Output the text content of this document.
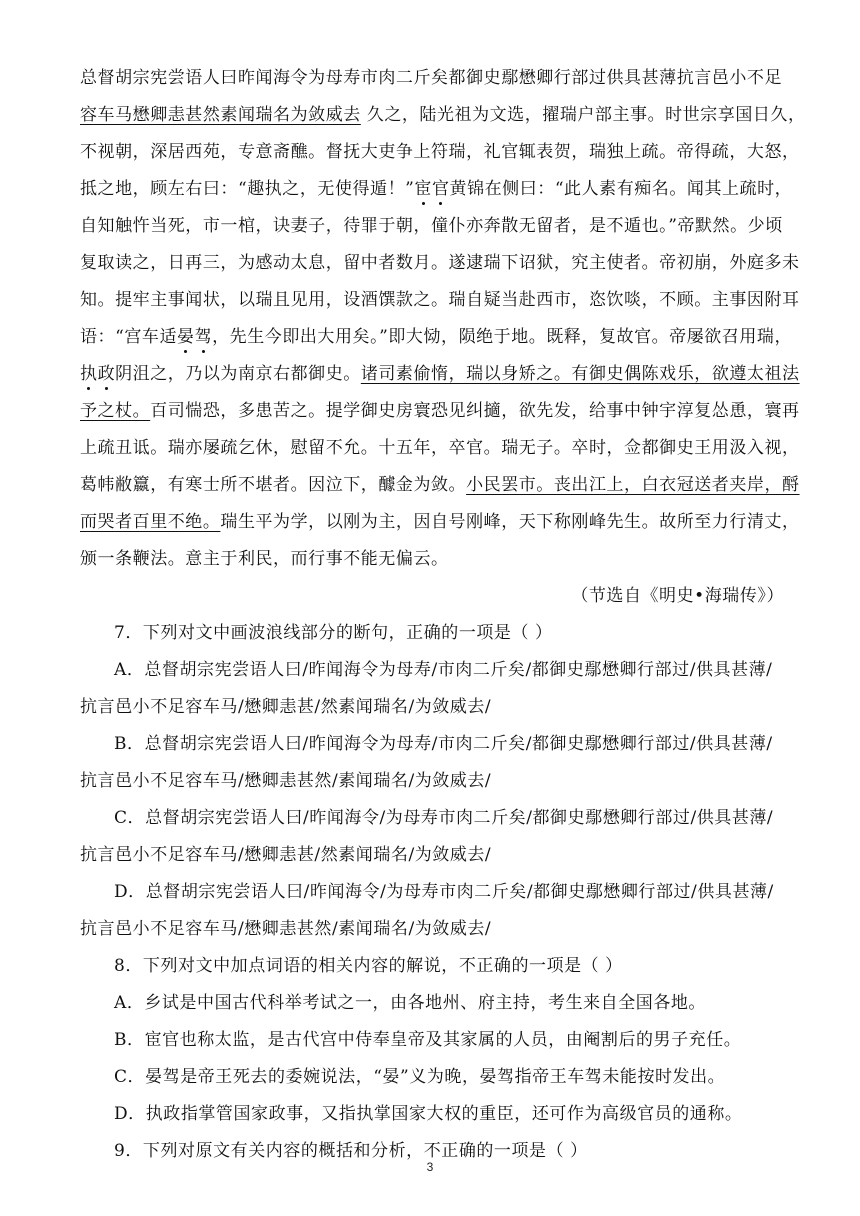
总督胡宗宪尝语人曰昨闻海令为母寿市肉二斤矣都御史鄢懋卿行部过供具甚薄抗言邑小不足
容车马懋卿恚甚然素闻瑞名为敛威去 久之，陆光祖为文选，擢瑞户部主事。时世宗享国日久，
不视朝，深居西苑，专意斋醮。督抚大吏争上符瑞，礼官辄表贺，瑞独上疏。帝得疏，大怒，
抵之地，顾左右曰：“趣执之，无使得遁！”宦官黄锦在侧曰：“此人素有痴名。闻其上疏时，
自知触忤当死，市一棺，诀妻子，待罪于朝，僮仆亦奔散无留者，是不遁也。”帝默然。少顷
复取读之，日再三，为感动太息，留中者数月。遂逮瑞下诏狱，究主使者。帝初崩，外庭多未
知。提牢主事闻状，以瑞且见用，设酒馔款之。瑞自疑当赴西市，恣饮啖，不顾。主事因附耳
语：“宫车适晏驾，先生今即出大用矣。”即大恸，陨绝于地。既释，复故官。帝屡欲召用瑞，
执政阴沮之，乃以为南京右都御史。诸司素偷惰，瑞以身矫之。有御史偶陈戏乐，欲遵太祖法
予之杖。百司惴恐，多患苦之。提学御史房寰恐见纠擿，欲先发，给事中钟宇淳复怂恿，寰再
上疏丑诋。瑞亦屡疏乞休，慰留不允。十五年，卒官。瑞无子。卒时，佥都御史王用汲入视，
葛帏敝籝，有寒士所不堪者。因泣下，醵金为敛。小民罢市。丧出江上，白衣冠送者夹岸，酹
而哭者百里不绝。瑞生平为学，以刚为主，因自号刚峰，天下称刚峰先生。故所至力行清丈，
颁一条鞭法。意主于利民，而行事不能无偏云。
（节选自《明史•海瑞传》）
7．下列对文中画波浪线部分的断句，正确的一项是（ ）
A．总督胡宗宪尝语人曰/昨闻海令为母寿/市肉二斤矣/都御史鄢懋卿行部过/供具甚薄/
抗言邑小不足容车马/懋卿恚甚/然素闻瑞名/为敛威去/
B．总督胡宗宪尝语人曰/昨闻海令为母寿/市肉二斤矣/都御史鄢懋卿行部过/供具甚薄/
抗言邑小不足容车马/懋卿恚甚然/素闻瑞名/为敛威去/
C．总督胡宗宪尝语人曰/昨闻海令/为母寿市肉二斤矣/都御史鄢懋卿行部过/供具甚薄/
抗言邑小不足容车马/懋卿恚甚/然素闻瑞名/为敛威去/
D．总督胡宗宪尝语人曰/昨闻海令/为母寿市肉二斤矣/都御史鄢懋卿行部过/供具甚薄/
抗言邑小不足容车马/懋卿恚甚然/素闻瑞名/为敛威去/
8．下列对文中加点词语的相关内容的解说，不正确的一项是（ ）
A．乡试是中国古代科举考试之一，由各地州、府主持，考生来自全国各地。
B．宦官也称太监，是古代宫中侍奉皇帝及其家属的人员，由阉割后的男子充任。
C．晏驾是帝王死去的委婉说法，“晏”义为晚，晏驾指帝王车驾未能按时发出。
D．执政指掌管国家政事，又指执掌国家大权的重臣，还可作为高级官员的通称。
9．下列对原文有关内容的概括和分析，不正确的一项是（ ）
3
